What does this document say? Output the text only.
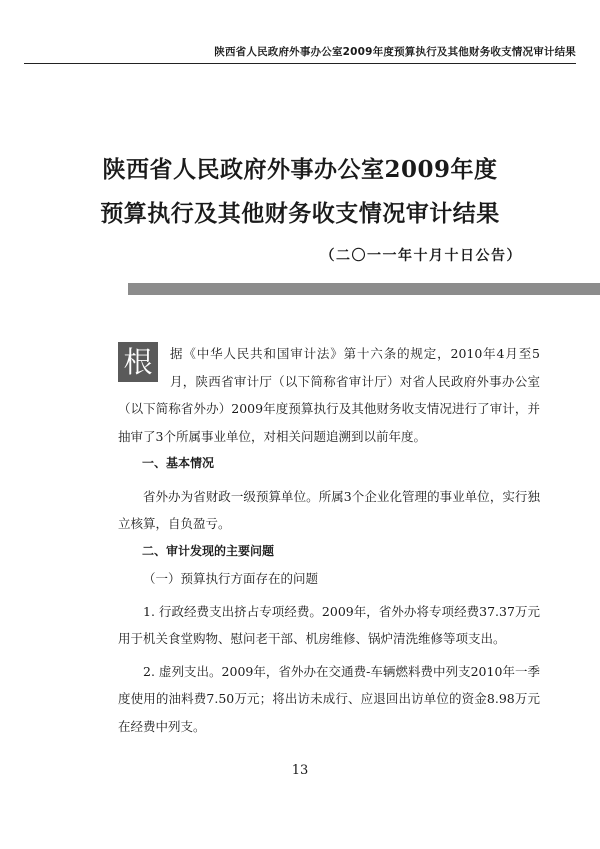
陕西省人民政府外事办公室2009年度预算执行及其他财务收支情况审计结果
陕西省人民政府外事办公室2009年度
预算执行及其他财务收支情况审计结果
（二〇一一年十月十日公告）

根	据《中华人民共和国审计法》第十六条的规定，2010年4月至5月，陕西省审计厅（以下简称省审计厅）对省人民政府外事办公室（以下简称省外办）2009年度预算执行及其他财务收支情况进行了审计，并抽审了3个所属事业单位，对相关问题追溯到以前年度。

一、基本情况

省外办为省财政一级预算单位。所属3个企业化管理的事业单位，实行独立核算，自负盈亏。

二、审计发现的主要问题

（一）预算执行方面存在的问题

1. 行政经费支出挤占专项经费。2009年，省外办将专项经费37.37万元用于机关食堂购物、慰问老干部、机房维修、锅炉清洗维修等项支出。

2. 虚列支出。2009年，省外办在交通费-车辆燃料费中列支2010年一季度使用的油料费7.50万元；将出访未成行、应退回出访单位的资金8.98万元在经费中列支。

13
